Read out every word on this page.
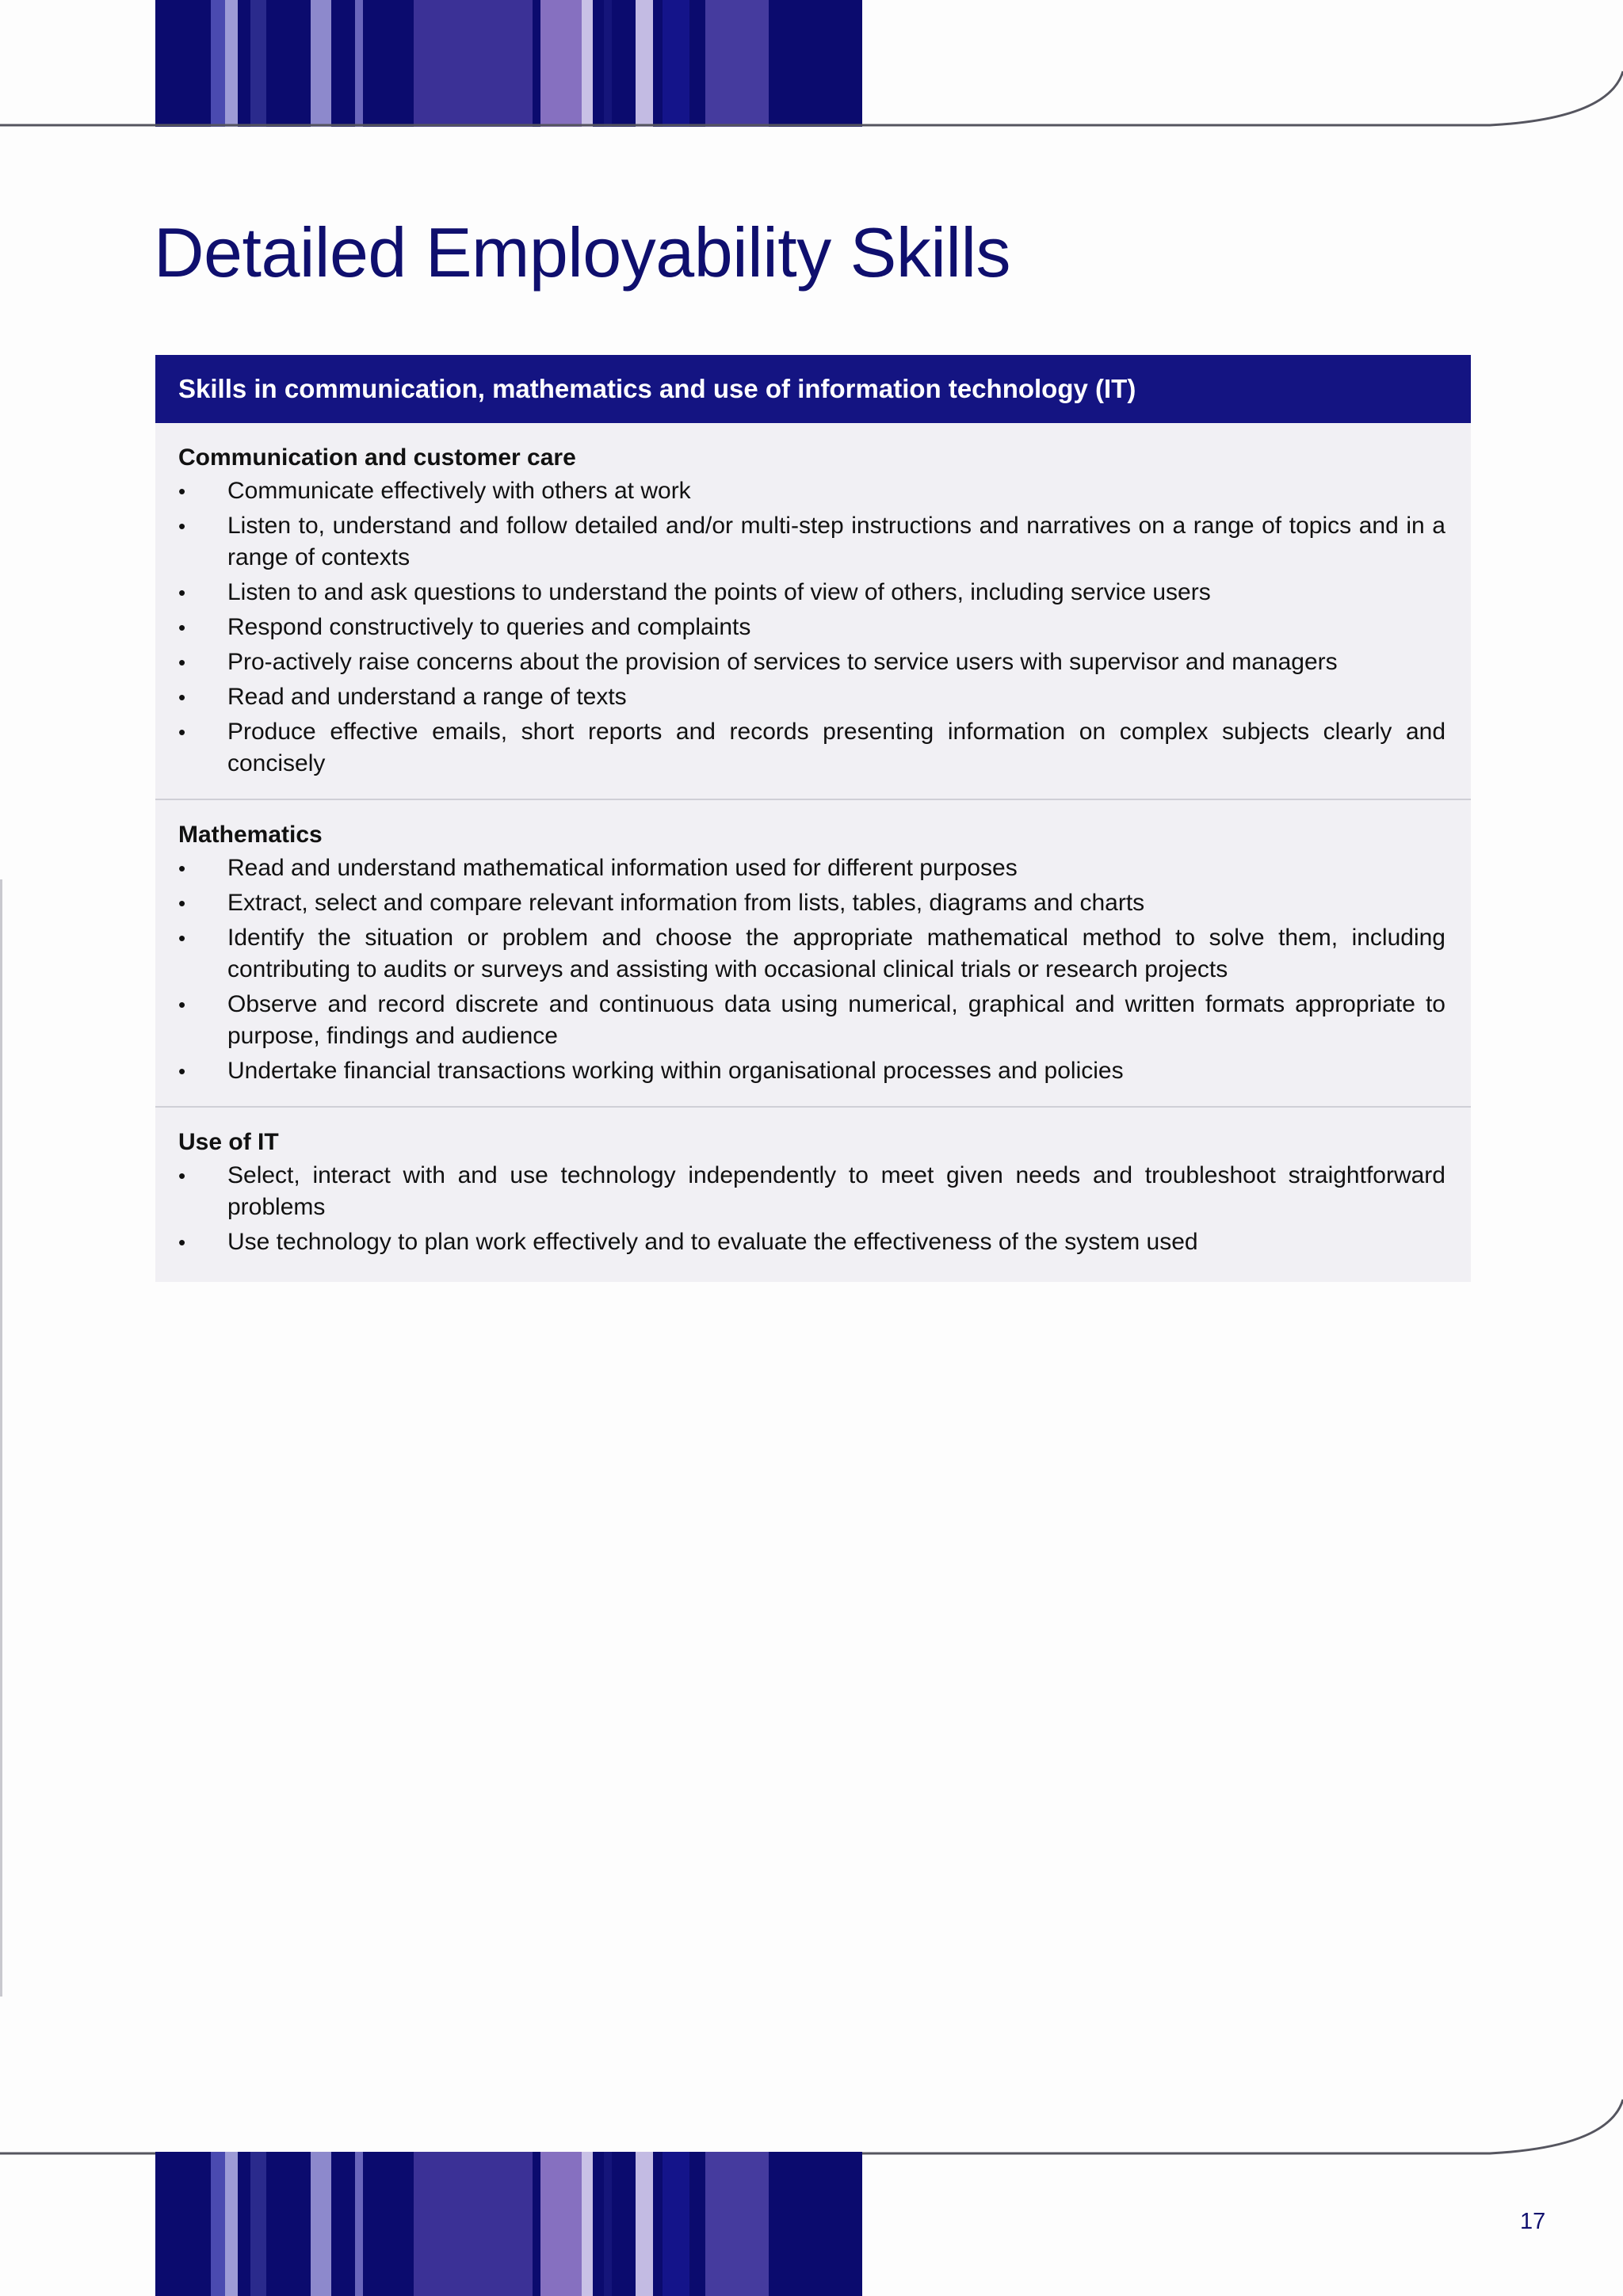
Detailed Employability Skills
Skills in communication, mathematics and use of information technology (IT)
Communication and customer care
• Communicate effectively with others at work
• Listen to, understand and follow detailed and/or multi-step instructions and narratives on a range of topics and in a range of contexts
• Listen to and ask questions to understand the points of view of others, including service users
• Respond constructively to queries and complaints
• Pro-actively raise concerns about the provision of services to service users with supervisor and managers
• Read and understand a range of texts
• Produce effective emails, short reports and records presenting information on complex subjects clearly and concisely
Mathematics
• Read and understand mathematical information used for different purposes
• Extract, select and compare relevant information from lists, tables, diagrams and charts
• Identify the situation or problem and choose the appropriate mathematical method to solve them, including contributing to audits or surveys and assisting with occasional clinical trials or research projects
• Observe and record discrete and continuous data using numerical, graphical and written formats appropriate to purpose, findings and audience
• Undertake financial transactions working within organisational processes and policies
Use of IT
• Select, interact with and use technology independently to meet given needs and troubleshoot straightforward problems
• Use technology to plan work effectively and to evaluate the effectiveness of the system used
17
